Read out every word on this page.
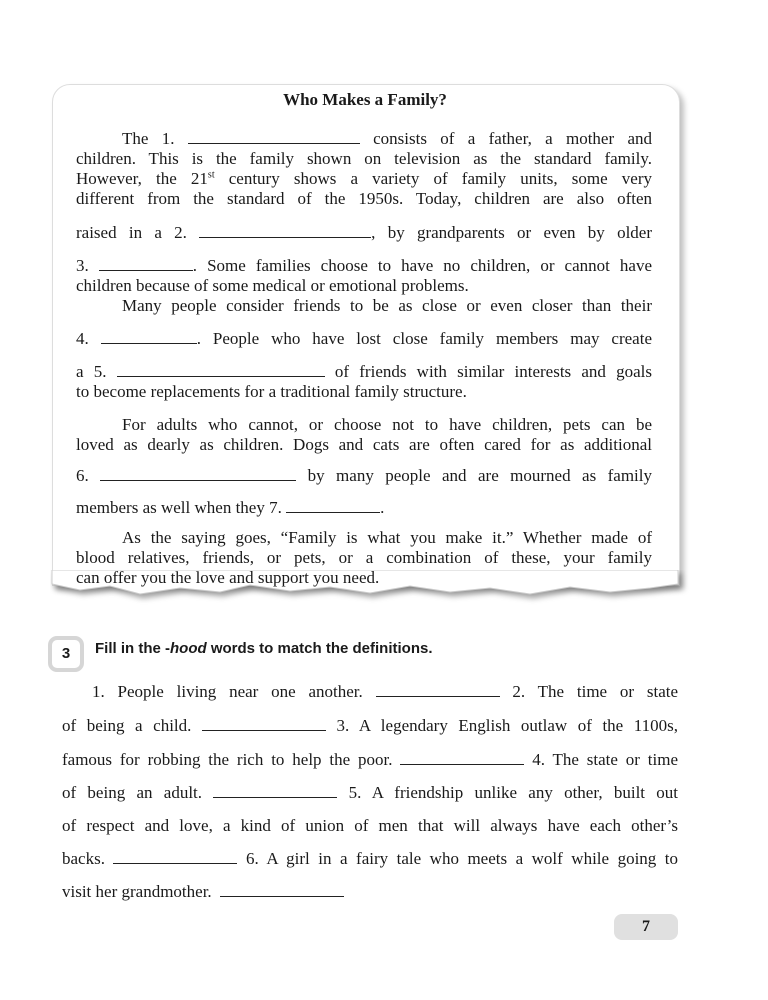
Who Makes a Family?
The 1.	consists of a father, a mother and
children. This is the family shown on television as the standard family.
However, the 21st century shows a variety of family units, some very
different from the standard of the 1950s. Today, children are also often
raised in a 2.	, by grandparents or even by older
3.	. Some families choose to have no children, or cannot have
children because of some medical or emotional problems.
Many people consider friends to be as close or even closer than their
4.	. People who have lost close family members may create
a 5.	of friends with similar interests and goals
to become replacements for a traditional family structure.
For adults who cannot, or choose not to have children, pets can be
loved as dearly as children. Dogs and cats are often cared for as additional
6.	by many people and are mourned as family
members as well when they 7.	.
As the saying goes, “Family is what you make it.” Whether made of
blood relatives, friends, or pets, or a combination of these, your family
can offer you the love and support you need.
3	Fill in the -hood words to match the definitions.
1. People living near one another.	2. The time or state
of being a child.	3. A legendary English outlaw of the 1100s,
famous for robbing the rich to help the poor.	4. The state or time
of being an adult.	5. A friendship unlike any other, built out
of respect and love, a kind of union of men that will always have each other’s
backs.	6. A girl in a fairy tale who meets a wolf while going to
visit her grandmother.
7
